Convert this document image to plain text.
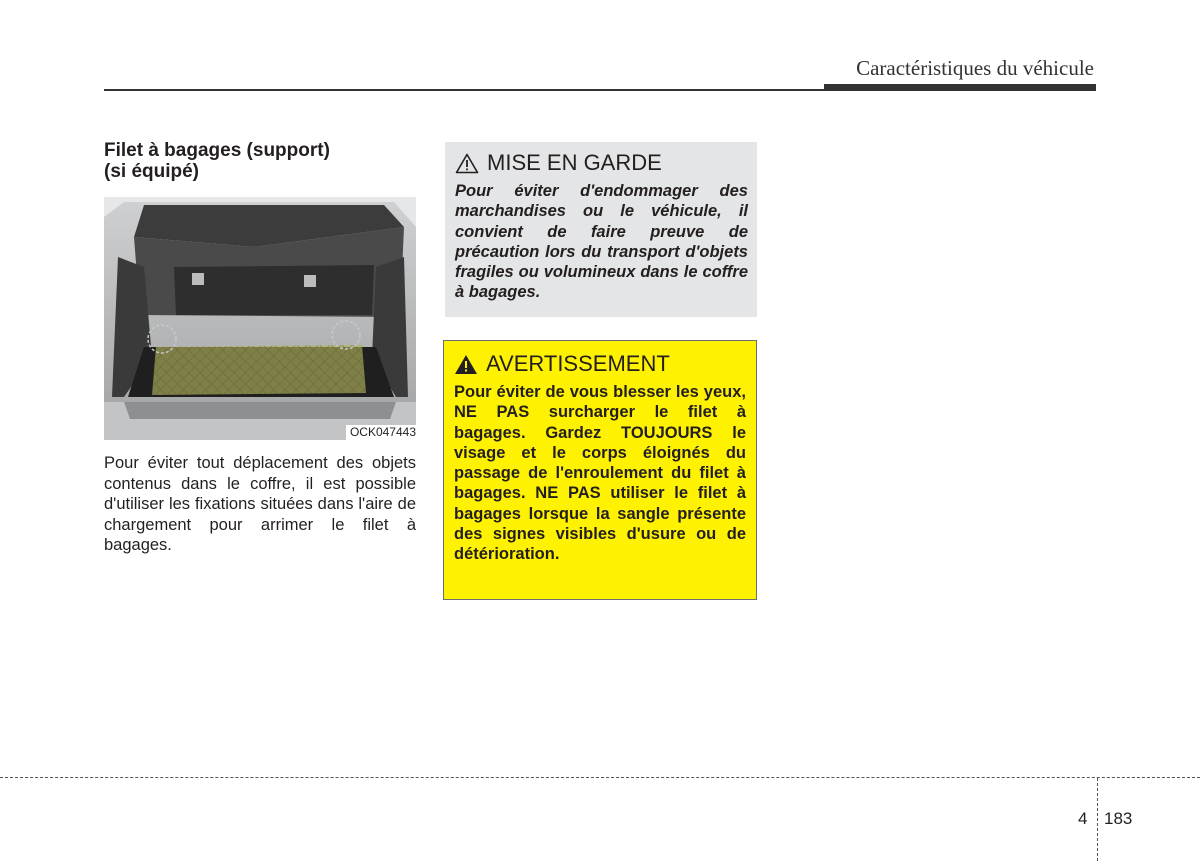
Caractéristiques du véhicule
Filet à bagages (support)
(si équipé)
OCK047443

Pour éviter tout déplacement des objets contenus dans le coffre, il est possible d'utiliser les fixations situées dans l'aire de chargement pour arrimer le filet à bagages.

MISE EN GARDE

Pour éviter d'endommager des marchandises ou le véhicule, il convient de faire preuve de précaution lors du transport d'objets fragiles ou volumineux dans le coffre à bagages.

AVERTISSEMENT

Pour éviter de vous blesser les yeux, NE PAS surcharger le filet à bagages. Gardez TOUJOURS le visage et le corps éloignés du passage de l'enroulement du filet à bagages. NE PAS utiliser le filet à bagages lorsque la sangle présente des signes visibles d'usure ou de détérioration.

4 183
